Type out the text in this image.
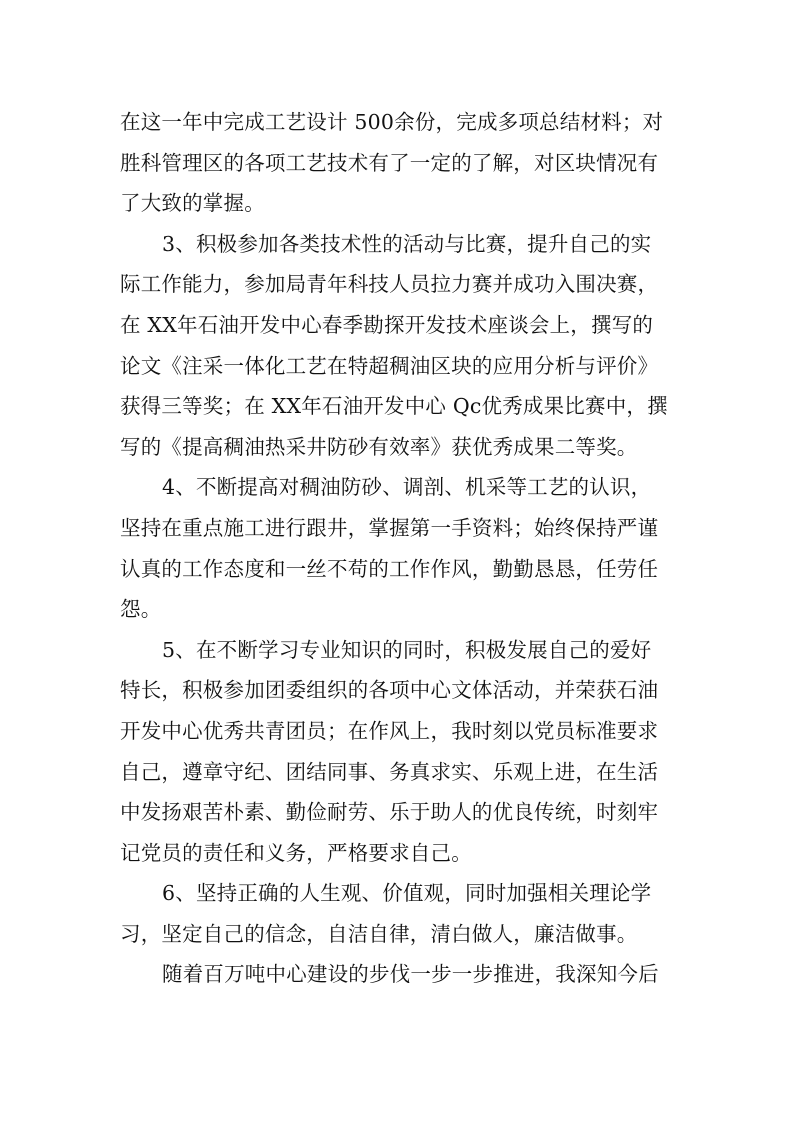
在这一年中完成工艺设计 500余份，完成多项总结材料；对
胜科管理区的各项工艺技术有了一定的了解，对区块情况有
了大致的掌握。
3、积极参加各类技术性的活动与比赛，提升自己的实
际工作能力，参加局青年科技人员拉力赛并成功入围决赛，
在 XX年石油开发中心春季勘探开发技术座谈会上，撰写的
论文《注采一体化工艺在特超稠油区块的应用分析与评价》
获得三等奖；在 XX年石油开发中心 Qc优秀成果比赛中，撰
写的《提高稠油热采井防砂有效率》获优秀成果二等奖。
4、不断提高对稠油防砂、调剖、机采等工艺的认识，
坚持在重点施工进行跟井，掌握第一手资料；始终保持严谨
认真的工作态度和一丝不苟的工作作风，勤勤恳恳，任劳任
怨。
5、在不断学习专业知识的同时，积极发展自己的爱好
特长，积极参加团委组织的各项中心文体活动，并荣获石油
开发中心优秀共青团员；在作风上，我时刻以党员标准要求
自己，遵章守纪、团结同事、务真求实、乐观上进，在生活
中发扬艰苦朴素、勤俭耐劳、乐于助人的优良传统，时刻牢
记党员的责任和义务，严格要求自己。
6、坚持正确的人生观、价值观，同时加强相关理论学
习，坚定自己的信念，自洁自律，清白做人，廉洁做事。
随着百万吨中心建设的步伐一步一步推进，我深知今后
